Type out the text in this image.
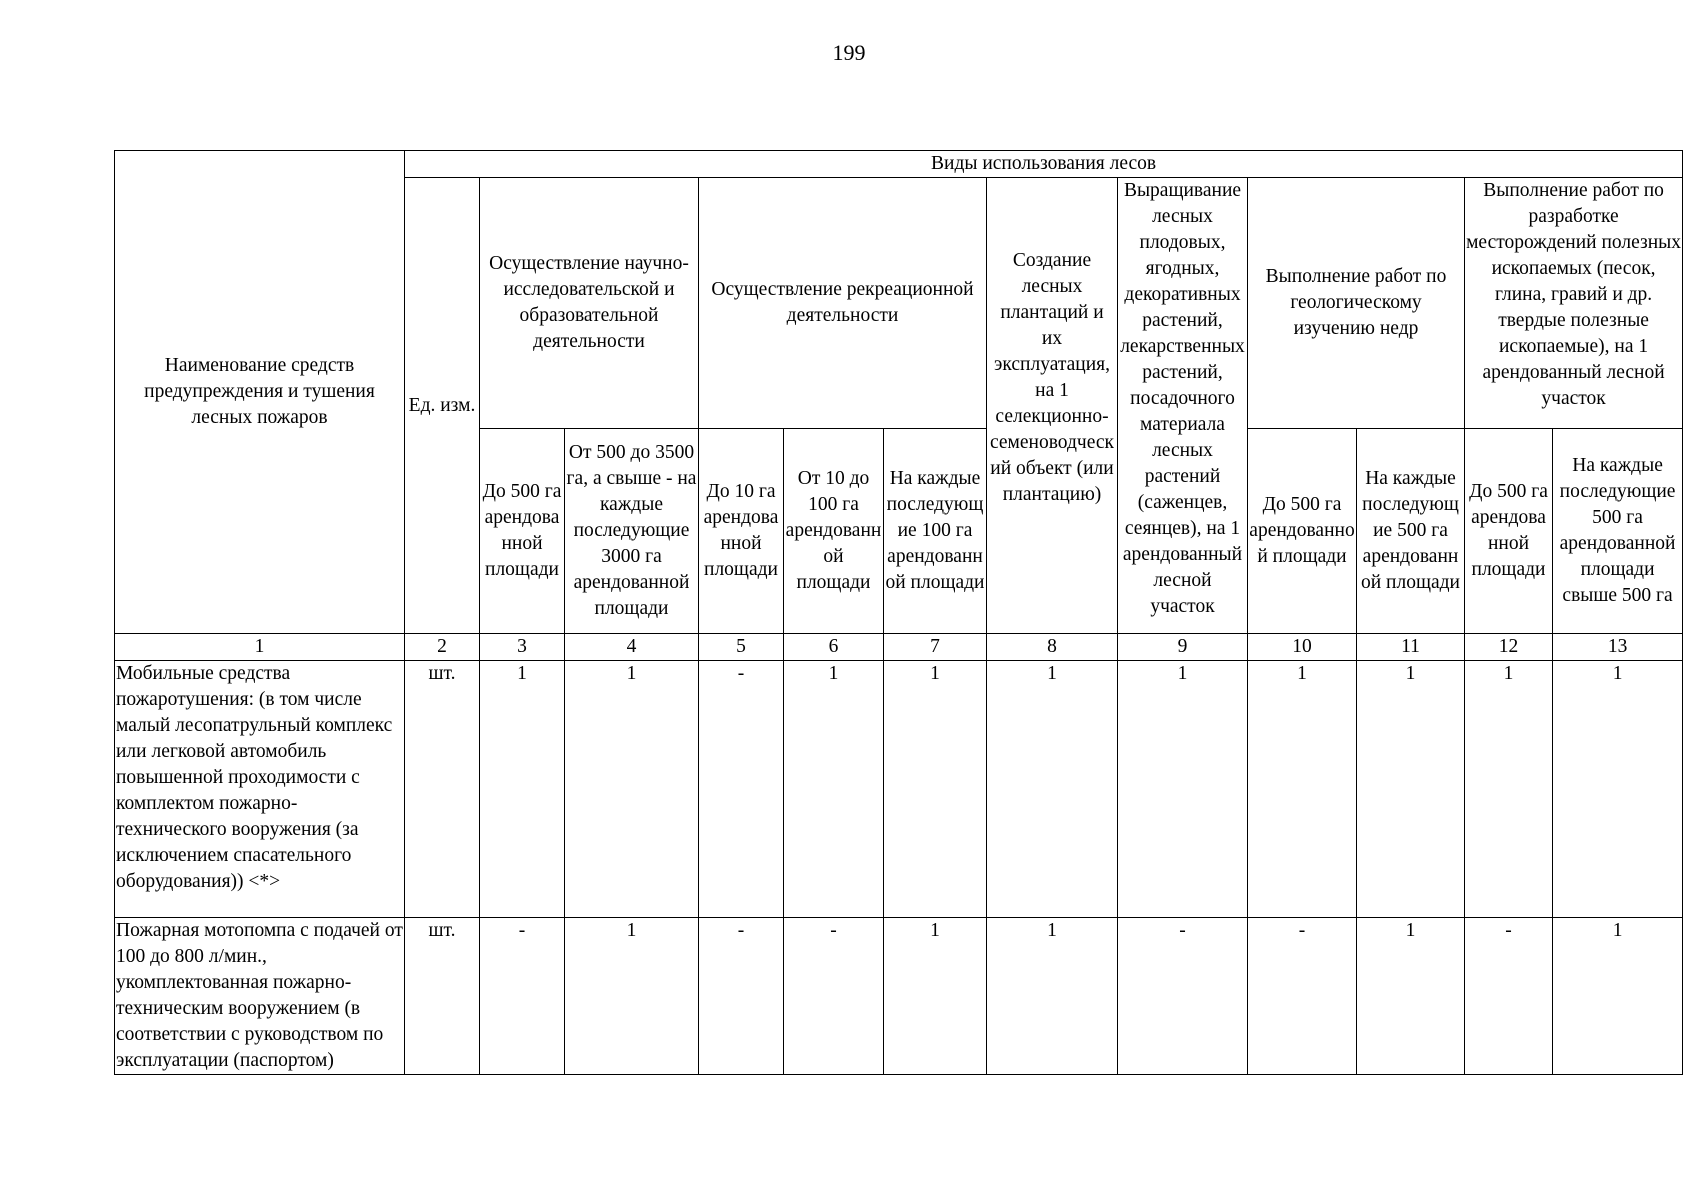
199
Наименование средств предупреждения и тушения лесных пожаров	Виды использования лесов											
	Ед. изм.	Осуществление научно-исследовательской и образовательной деятельности		Осуществление рекреационной деятельности			Создание лесных плантаций и их эксплуатация, на 1 селекционно-семеноводческий объект (или плантацию)	Выращивание лесных плодовых, ягодных, декоративных растений, лекарственных растений, посадочного материала лесных растений (саженцев, сеянцев), на 1 арендованный лесной участок	Выполнение работ по геологическому изучению недр		Выполнение работ по разработке месторождений полезных ископаемых (песок, глина, гравий и др. твердые полезные ископаемые), на 1 арендованный лесной участок	
		До 500 га арендованной площади	От 500 до 3500 га, а свыше - на каждые последующие 3000 га арендованной площади	До 10 га арендованной площади	От 10 до 100 га арендованной площади	На каждые последующие 100 га арендованной площади			До 500 га арендованной площади	На каждые последующие 500 га арендованной площади	До 500 га арендованной площади	На каждые последующие 500 га арендованной площади свыше 500 га
1	2	3	4	5	6	7	8	9	10	11	12	13
Мобильные средства пожаротушения: (в том числе малый лесопатрульный комплекс или легковой автомобиль повышенной проходимости с комплектом пожарно-технического вооружения (за исключением спасательного оборудования)) <*>	шт.	1	1	-	1	1	1	1	1	1	1	1
Пожарная мотопомпа с подачей от 100 до 800 л/мин., укомплектованная пожарно-техническим вооружением (в соответствии с руководством по эксплуатации (паспортом)	шт.	-	1	-	-	1	1	-	-	1	-	1
